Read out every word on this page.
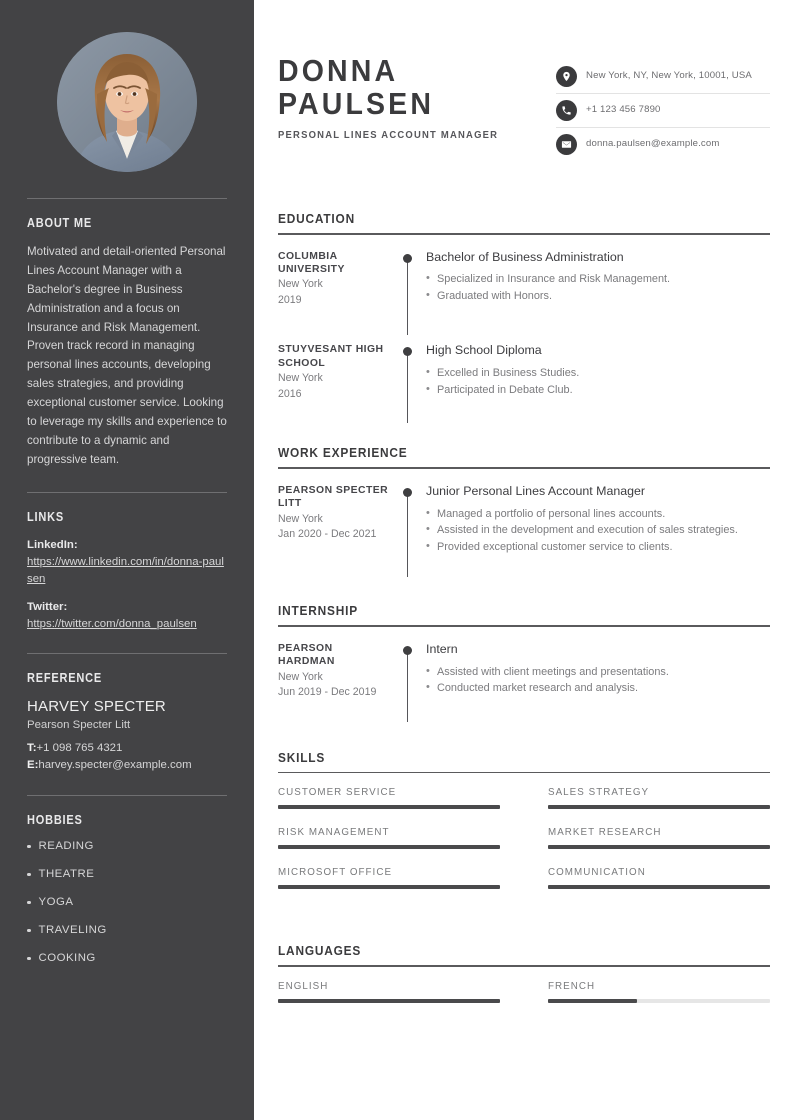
ABOUT ME

Motivated and detail-oriented Personal Lines Account Manager with a Bachelor's degree in Business Administration and a focus on Insurance and Risk Management. Proven track record in managing personal lines accounts, developing sales strategies, and providing exceptional customer service. Looking to leverage my skills and experience to contribute to a dynamic and progressive team.

LINKS
LinkedIn:
https://www.linkedin.com/in/donna-paulsen
Twitter:
https://twitter.com/donna_paulsen
REFERENCE
HARVEY SPECTER
Pearson Specter Litt
T:+1 098 765 4321
E:harvey.specter@example.com
HOBBIES
READING
THEATRE
YOGA
TRAVELING
COOKING
DONNA
PAULSEN
PERSONAL LINES ACCOUNT MANAGER
New York, NY, New York, 10001, USA
+1 123 456 7890
donna.paulsen@example.com
EDUCATION
COLUMBIA UNIVERSITY
New York
2019
Bachelor of Business Administration
• Specialized in Insurance and Risk Management.
• Graduated with Honors.
STUYVESANT HIGH SCHOOL
New York
2016
High School Diploma
• Excelled in Business Studies.
• Participated in Debate Club.
WORK EXPERIENCE
PEARSON SPECTER LITT
New York
Jan 2020 - Dec 2021
Junior Personal Lines Account Manager
• Managed a portfolio of personal lines accounts.
• Assisted in the development and execution of sales strategies.
• Provided exceptional customer service to clients.
INTERNSHIP
PEARSON HARDMAN
New York
Jun 2019 - Dec 2019
Intern
• Assisted with client meetings and presentations.
• Conducted market research and analysis.
SKILLS
CUSTOMER SERVICE	SALES STRATEGY
RISK MANAGEMENT	MARKET RESEARCH
MICROSOFT OFFICE	COMMUNICATION
LANGUAGES
ENGLISH	FRENCH
